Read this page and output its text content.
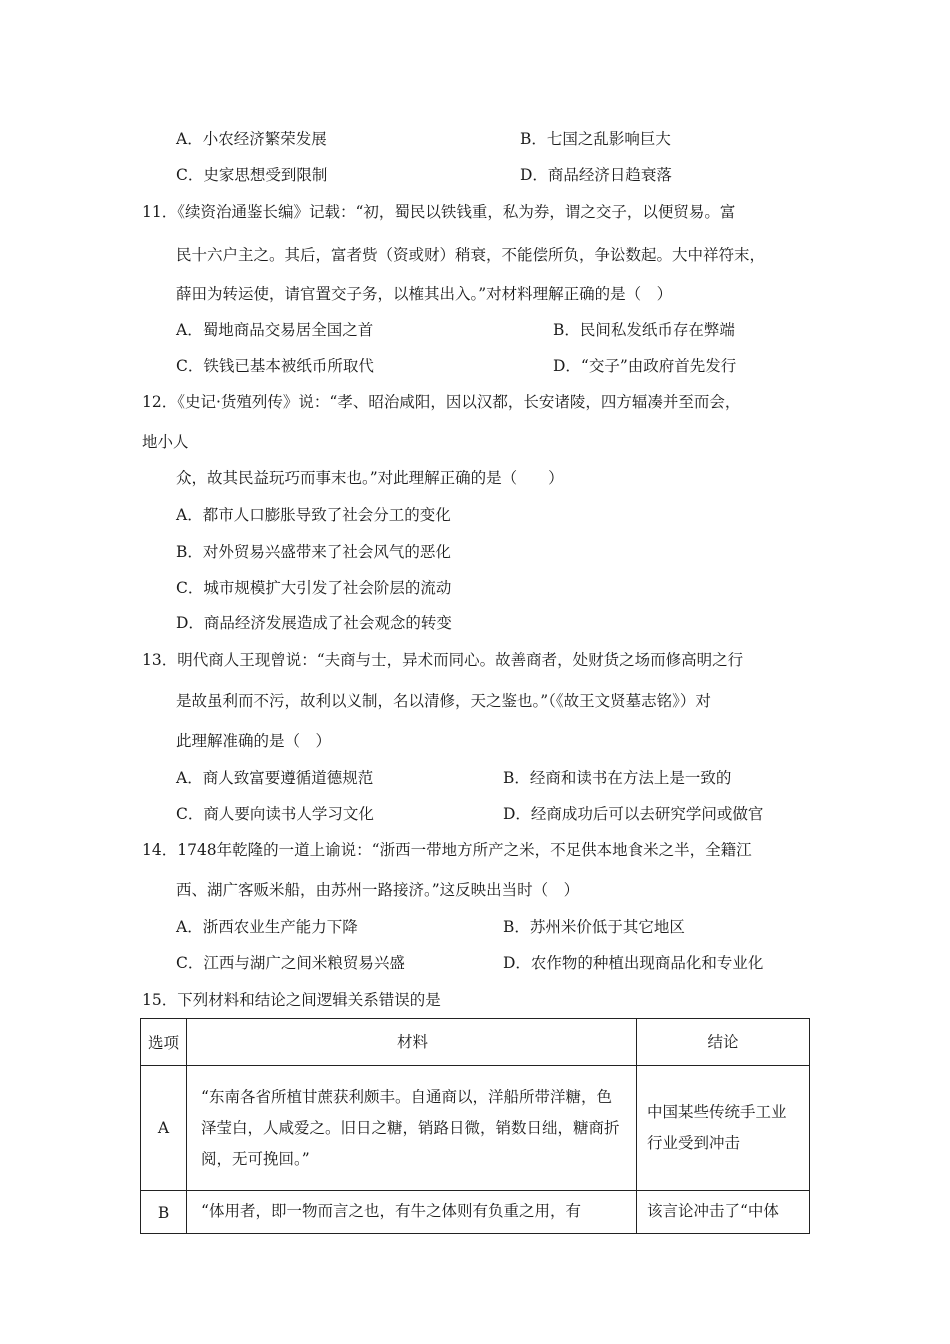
A．小农经济繁荣发展	B．七国之乱影响巨大
C．史家思想受到限制	D．商品经济日趋衰落
11．《续资治通鉴长编》记载：“初，蜀民以铁钱重，私为券，谓之交子，以便贸易。富
民十六户主之。其后，富者赀（资或财）稍衰，不能偿所负，争讼数起。大中祥符末，
薛田为转运使，请官置交子务，以榷其出入。”对材料理解正确的是（　）
A．蜀地商品交易居全国之首	B．民间私发纸币存在弊端
C．铁钱已基本被纸币所取代	D．“交子”由政府首先发行
12．《史记·货殖列传》说：“孝、昭治咸阳，因以汉都，长安诸陵，四方辐凑并至而会，
地小人
众，故其民益玩巧而事末也。”对此理解正确的是（　　）
A．都市人口膨胀导致了社会分工的变化
B．对外贸易兴盛带来了社会风气的恶化
C．城市规模扩大引发了社会阶层的流动
D．商品经济发展造成了社会观念的转变
13．明代商人王现曾说：“夫商与士，异术而同心。故善商者，处财货之场而修高明之行
是故虽利而不污，故利以义制，名以清修，天之鉴也。”（《故王文贤墓志铭》）对
此理解准确的是（　）
A．商人致富要遵循道德规范	B．经商和读书在方法上是一致的
C．商人要向读书人学习文化	D．经商成功后可以去研究学问或做官
14．1748年乾隆的一道上谕说：“浙西一带地方所产之米，不足供本地食米之半，全籍江
西、湖广客贩米船，由苏州一路接济。”这反映出当时（　）
A．浙西农业生产能力下降	B．苏州米价低于其它地区
C．江西与湖广之间米粮贸易兴盛	D．农作物的种植出现商品化和专业化
15．下列材料和结论之间逻辑关系错误的是
选项	材料	结论
A	“东南各省所植甘蔗获利颇丰。自通商以，洋船所带洋糖，色泽莹白，人咸爱之。旧日之糖，销路日微，销数日绌，糖商折阅，无可挽回。”	中国某些传统手工业行业受到冲击
B	“体用者，即一物而言之也，有牛之体则有负重之用，有	该言论冲击了“中体
